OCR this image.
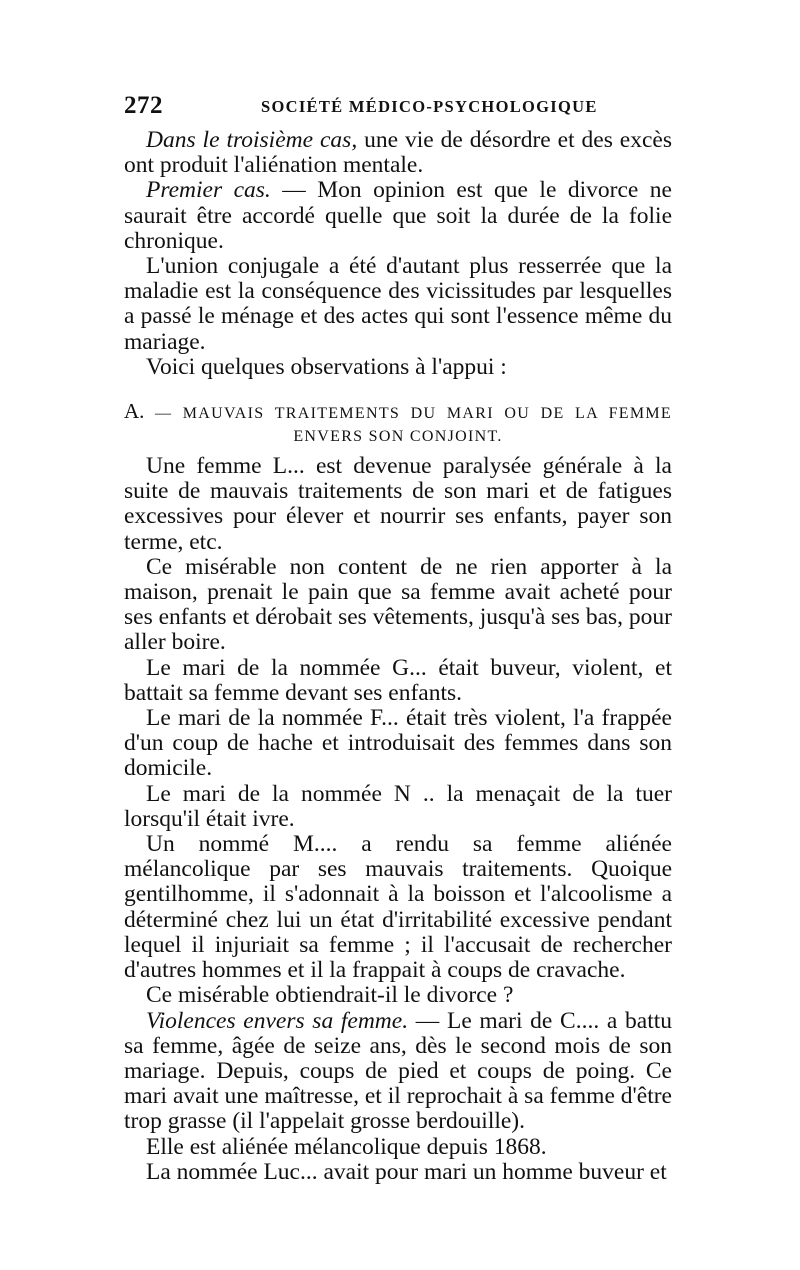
272	SOCIÉTÉ MÉDICO-PSYCHOLOGIQUE

Dans le troisième cas, une vie de désordre et des excès ont produit l'aliénation mentale.

Premier cas. — Mon opinion est que le divorce ne saurait être accordé quelle que soit la durée de la folie chronique.

L'union conjugale a été d'autant plus resserrée que la maladie est la conséquence des vicissitudes par lesquelles a passé le ménage et des actes qui sont l'essence même du mariage.

Voici quelques observations à l'appui :

A. — MAUVAIS TRAITEMENTS DU MARI OU DE LA FEMME
ENVERS SON CONJOINT.

Une femme L... est devenue paralysée générale à la suite de mauvais traitements de son mari et de fatigues excessives pour élever et nourrir ses enfants, payer son terme, etc.

Ce misérable non content de ne rien apporter à la maison, prenait le pain que sa femme avait acheté pour ses enfants et dérobait ses vêtements, jusqu'à ses bas, pour aller boire.

Le mari de la nommée G... était buveur, violent, et battait sa femme devant ses enfants.

Le mari de la nommée F... était très violent, l'a frappée d'un coup de hache et introduisait des femmes dans son domicile.

Le mari de la nommée N .. la menaçait de la tuer lorsqu'il était ivre.

Un nommé M.... a rendu sa femme aliénée mélancolique par ses mauvais traitements. Quoique gentilhomme, il s'adonnait à la boisson et l'alcoolisme a déterminé chez lui un état d'irritabilité excessive pendant lequel il injuriait sa femme ; il l'accusait de rechercher d'autres hommes et il la frappait à coups de cravache.

Ce misérable obtiendrait-il le divorce ?

Violences envers sa femme. — Le mari de C.... a battu sa femme, âgée de seize ans, dès le second mois de son mariage. Depuis, coups de pied et coups de poing. Ce mari avait une maîtresse, et il reprochait à sa femme d'être trop grasse (il l'appelait grosse berdouille).

Elle est aliénée mélancolique depuis 1868.

La nommée Luc... avait pour mari un homme buveur et
